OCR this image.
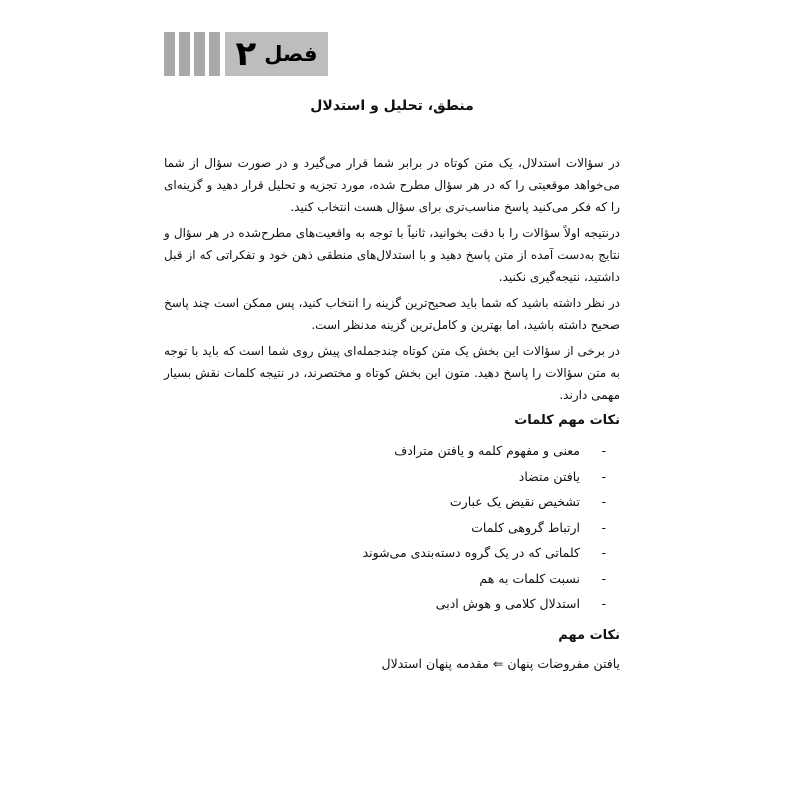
فصل
۲
منطق، تحلیل و استدلال

در سؤالات استدلال، یک متن کوتاه در برابر شما قرار می‌گیرد و در صورت سؤال از شما می‌خواهد موقعیتی را که در هر سؤال مطرح شده، مورد تجزیه و تحلیل قرار دهید و گزینه‌ای را که فکر می‌کنید پاسخ مناسب‌تری برای سؤال هست انتخاب کنید.

درنتیجه اولاً سؤالات را با دقت بخوانید، ثانیاً با توجه به واقعیت‌های مطرح‌شده در هر سؤال و نتایج به‌دست آمده از متن پاسخ دهید و با استدلال‌های منطقی ذهن خود و تفکراتی که از قبل داشتید، نتیجه‌گیری نکنید.

در نظر داشته باشید که شما باید صحیح‌ترین گزینه را انتخاب کنید، پس ممکن است چند پاسخ صحیح داشته باشید، اما بهترین و کامل‌ترین گزینه مدنظر است.

در برخی از سؤالات این بخش یک متن کوتاه چندجمله‌ای پیش روی شما است که باید با توجه به متن سؤالات را پاسخ دهید. متون این بخش کوتاه و مختصرند، در نتیجه کلمات نقش بسیار مهمی دارند.

نکات مهم کلمات
-
معنی و مفهوم کلمه و یافتن مترادف
-
یافتن متضاد
-
تشخیص نقیض یک عبارت
-
ارتباط گروهی کلمات
-
کلماتی که در یک گروه دسته‌بندی می‌شوند
-
نسبت کلمات به هم
-
استدلال کلامی و هوش ادبی
نکات مهم
یافتن مفروضات پنهان ⇐ مقدمه پنهان استدلال
